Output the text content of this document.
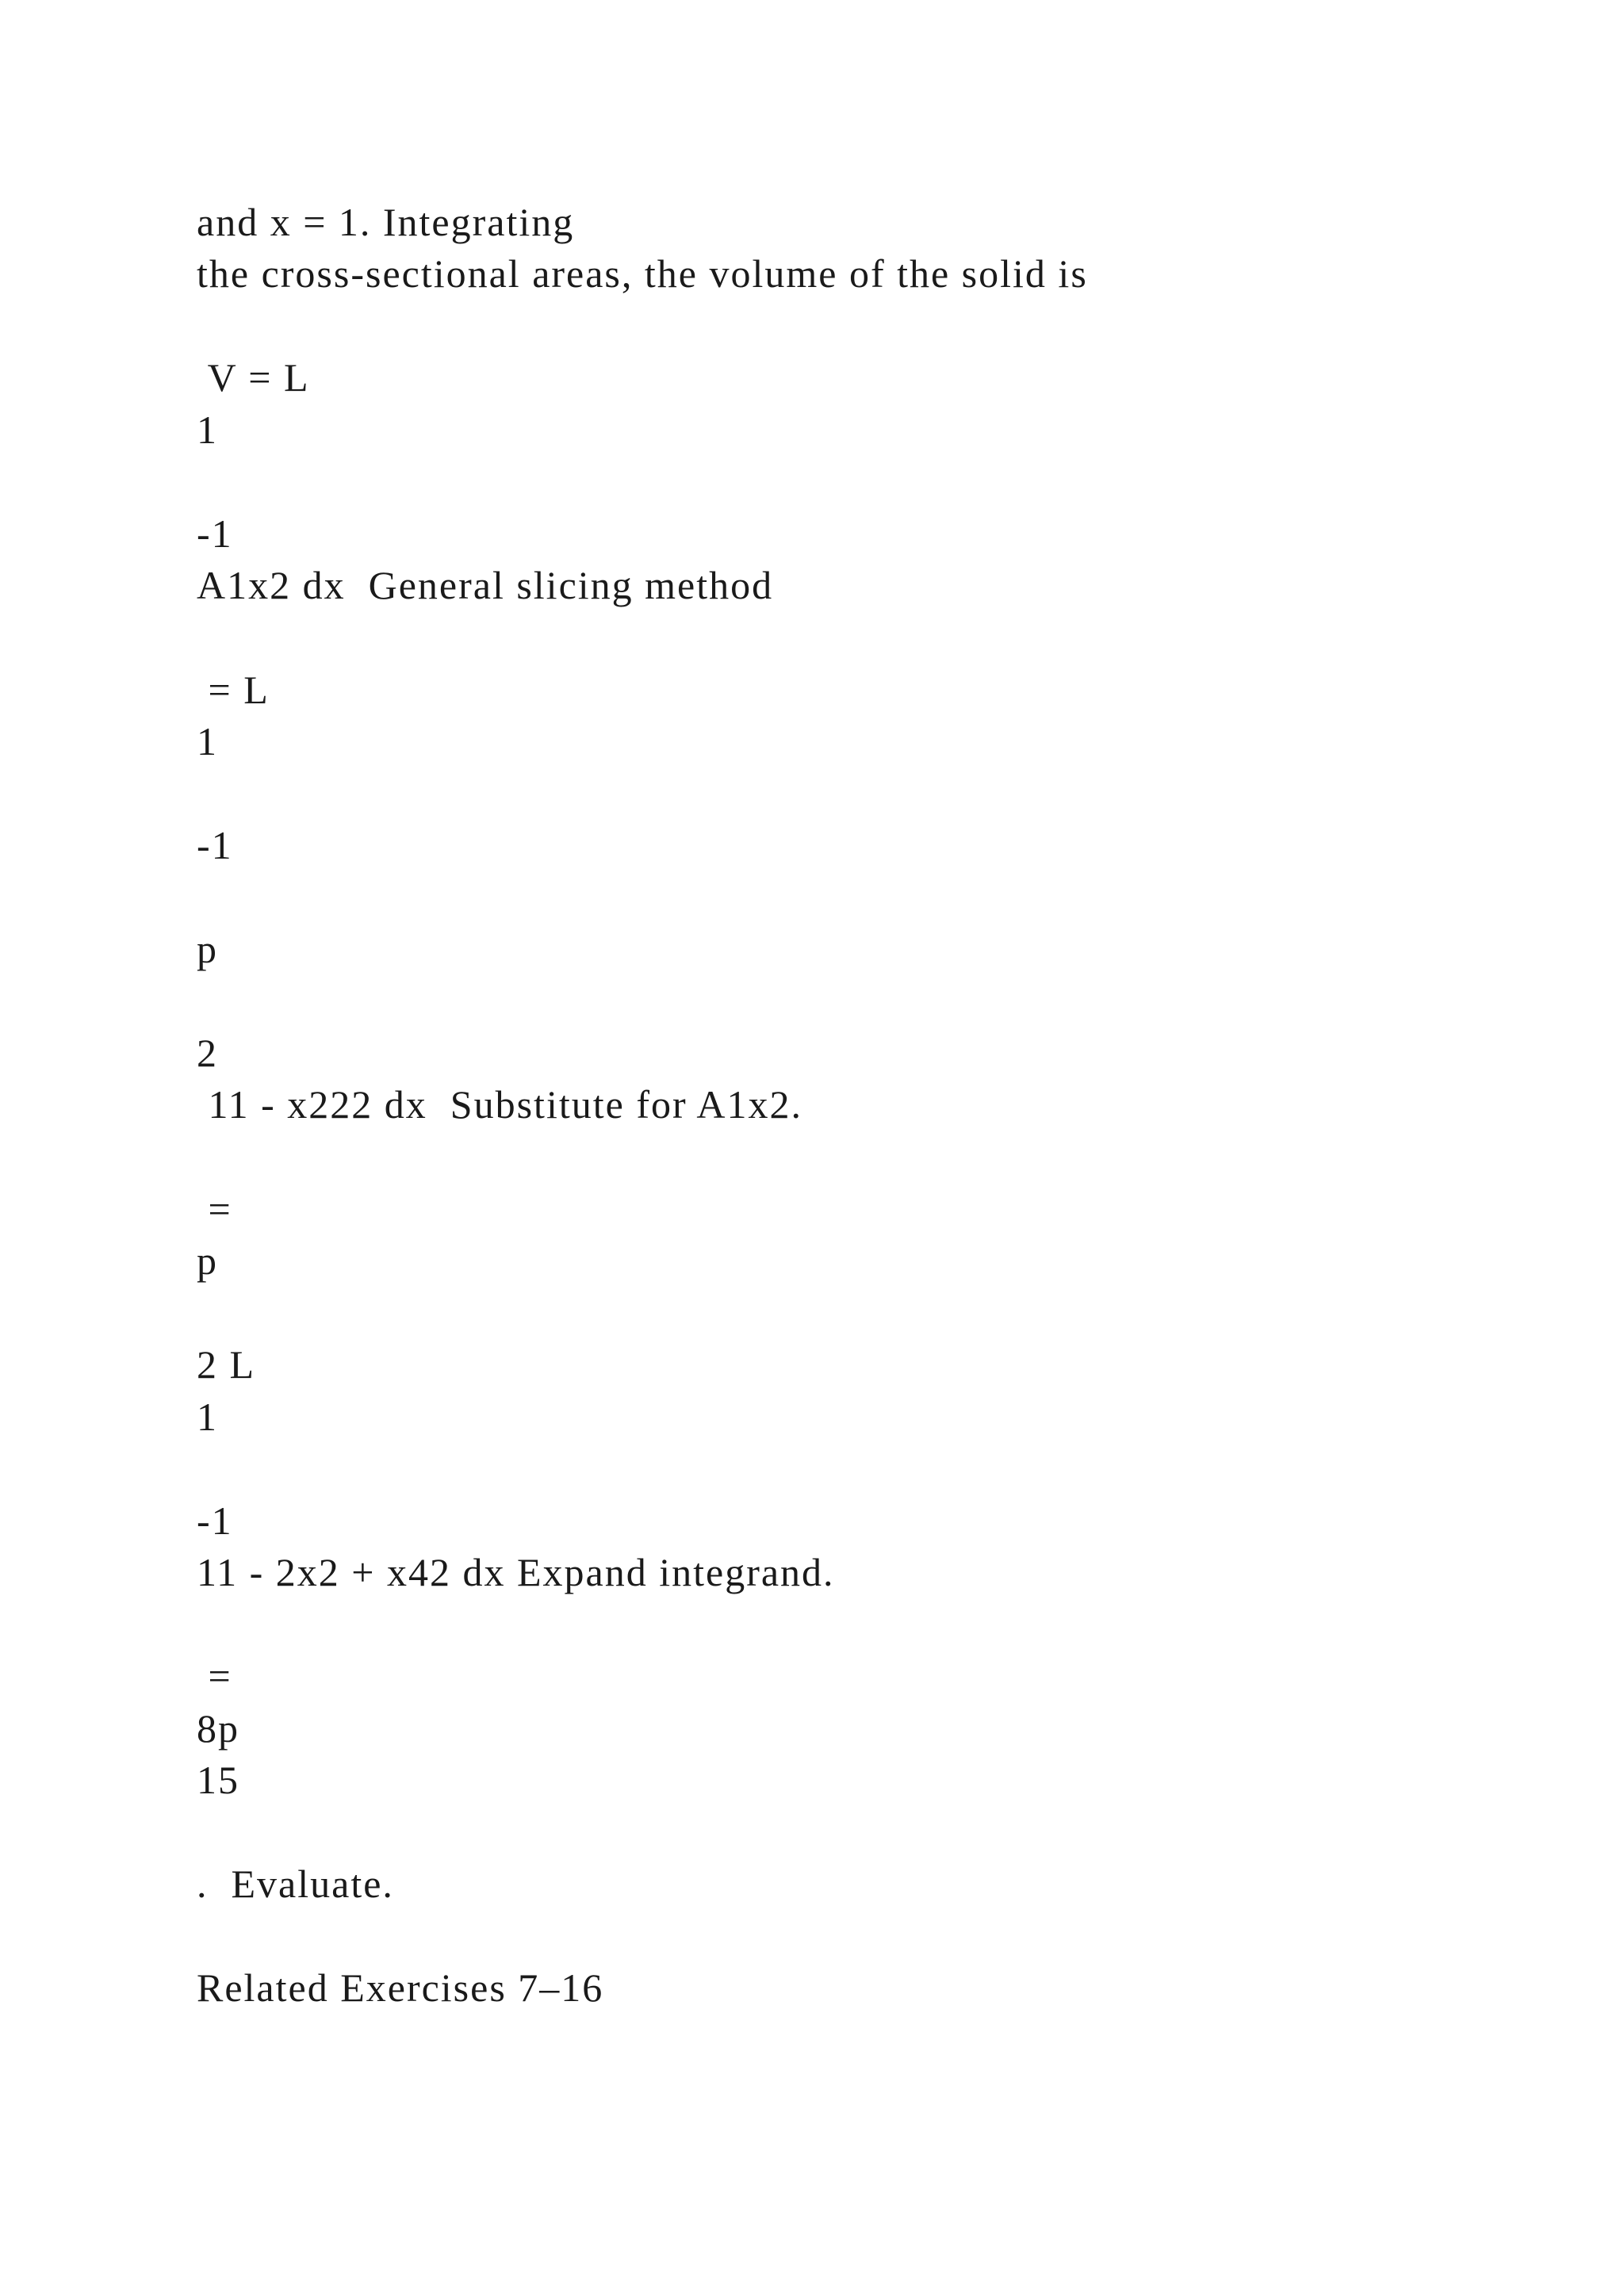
and x = 1. Integrating

the cross-sectional areas, the volume of the solid is

V = L

1

-1

A1x2 dx  General slicing method

= L

1

-1

p

2

11 - x222 dx  Substitute for A1x2.

=

p

2 L

1

-1

11 - 2x2 + x42 dx Expand integrand.

=

8p

15

.  Evaluate.

Related Exercises 7–16
